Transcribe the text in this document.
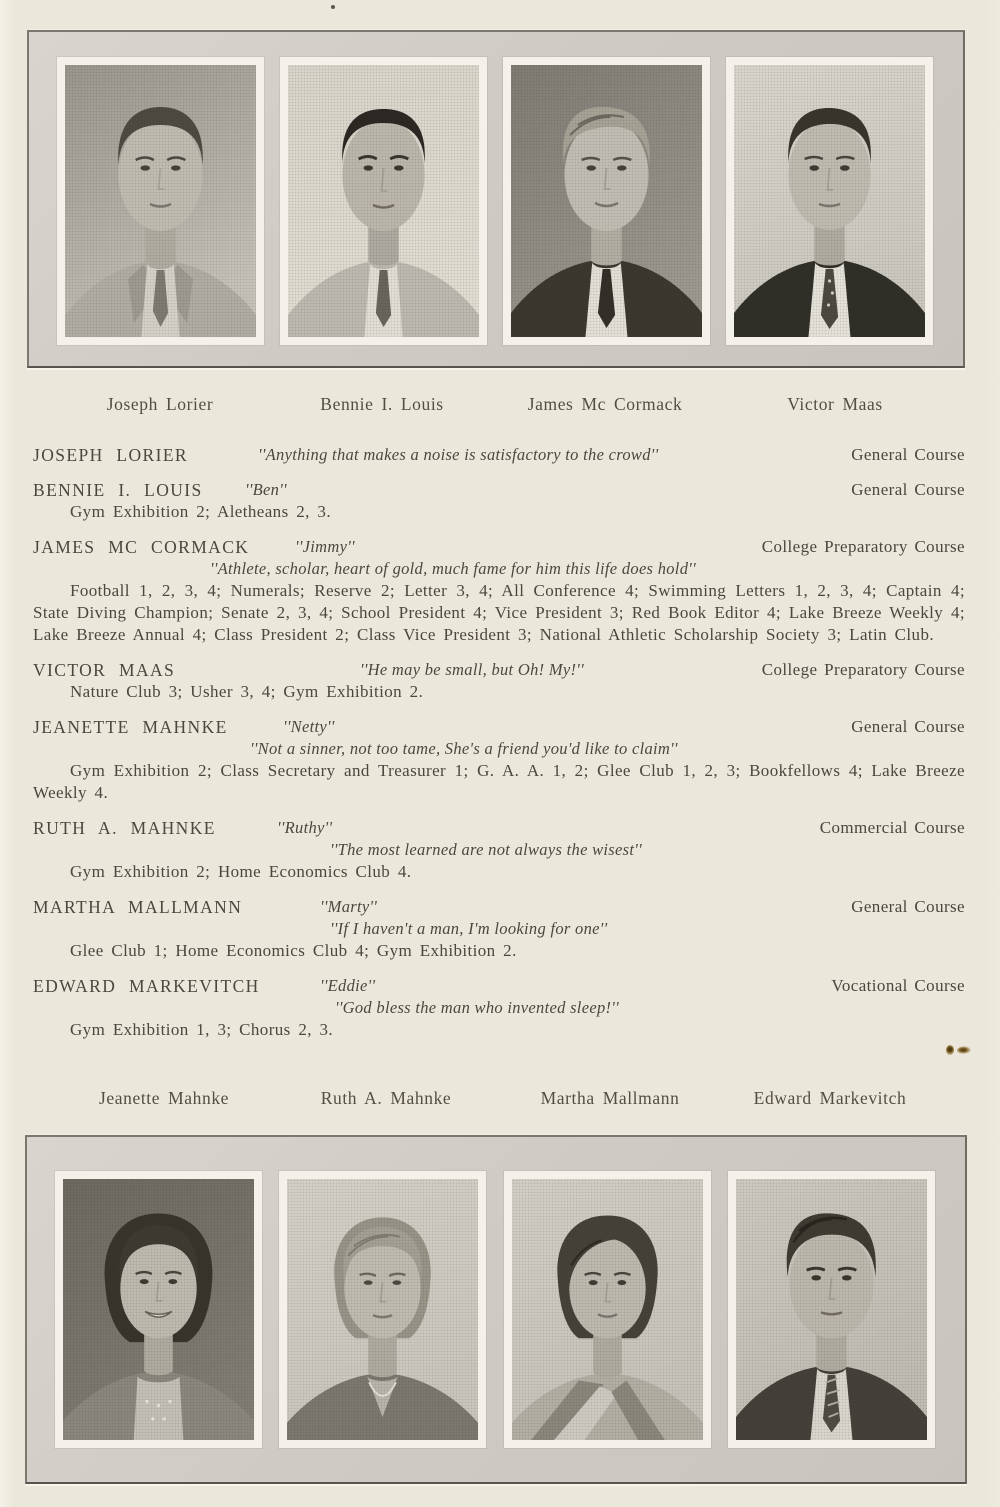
Joseph Lorier	Bennie I. Louis	James Mc Cormack	Victor Maas
JOSEPH LORIER	''Anything that makes a noise is satisfactory to the crowd''	General Course
BENNIE I. LOUIS	''Ben''	General Course

Gym Exhibition 2; Aletheans 2, 3.

JAMES MC CORMACK	''Jimmy''	College Preparatory Course
''Athlete, scholar, heart of gold, much fame for him this life does hold''

Football 1, 2, 3, 4; Numerals; Reserve 2; Letter 3, 4; All Conference 4; Swimming Letters 1, 2, 3, 4; Captain 4; State Diving Champion; Senate 2, 3, 4; School President 4; Vice President 3; Red Book Editor 4; Lake Breeze Weekly 4; Lake Breeze Annual 4; Class President 2; Class Vice President 3; National Athletic Scholarship Society 3; Latin Club.

VICTOR MAAS	''He may be small, but Oh! My!''	College Preparatory Course

Nature Club 3; Usher 3, 4; Gym Exhibition 2.

JEANETTE MAHNKE	''Netty''	General Course
''Not a sinner, not too tame, She's a friend you'd like to claim''

Gym Exhibition 2; Class Secretary and Treasurer 1; G. A. A. 1, 2; Glee Club 1, 2, 3; Bookfellows 4; Lake Breeze Weekly 4.

RUTH A. MAHNKE	''Ruthy''	Commercial Course
''The most learned are not always the wisest''

Gym Exhibition 2; Home Economics Club 4.

MARTHA MALLMANN	''Marty''	General Course
''If I haven't a man, I'm looking for one''

Glee Club 1; Home Economics Club 4; Gym Exhibition 2.

EDWARD MARKEVITCH	''Eddie''	Vocational Course
''God bless the man who invented sleep!''

Gym Exhibition 1, 3; Chorus 2, 3.

Jeanette Mahnke	Ruth A. Mahnke	Martha Mallmann	Edward Markevitch
